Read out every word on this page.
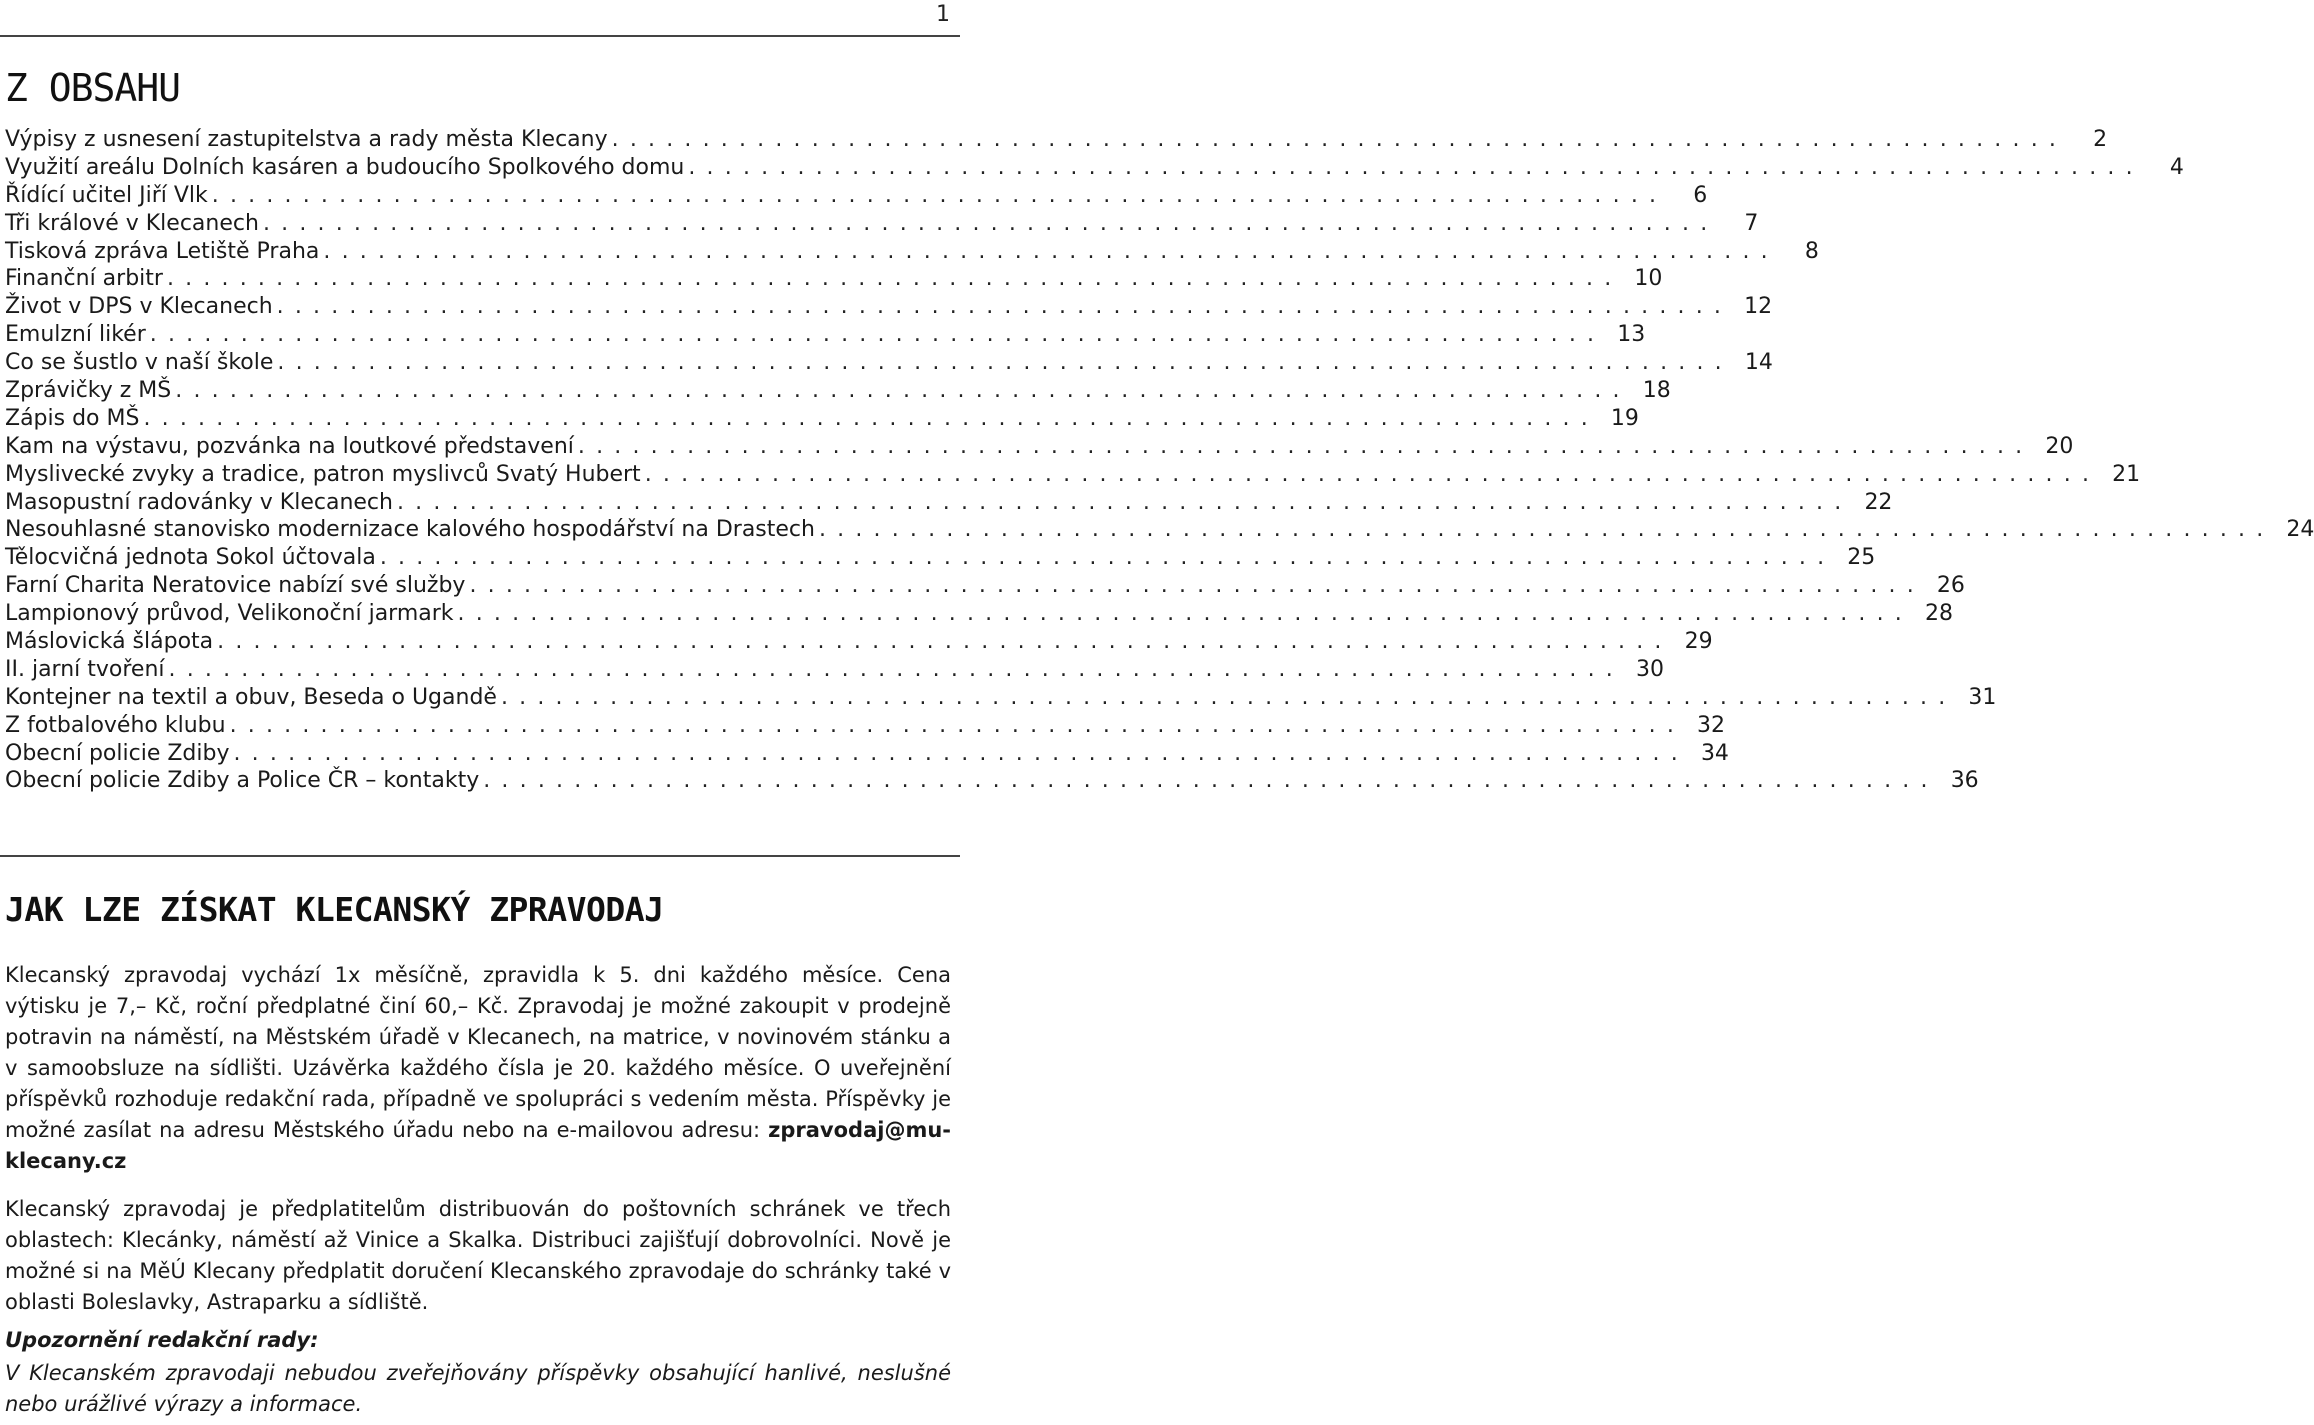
1
Z OBSAHU
Výpisy z usnesení zastupitelstva a rady města Klecany ................................................................................	2
Využití areálu Dolních kasáren a budoucího Spolkového domu ................................................................................	4
Řídící učitel Jiří Vlk ................................................................................	6
Tři králové v Klecanech ................................................................................	7
Tisková zpráva Letiště Praha ................................................................................	8
Finanční arbitr ................................................................................ 10
Život v DPS v Klecanech ................................................................................ 12
Emulzní likér ................................................................................ 13
Co se šustlo v naší škole ................................................................................ 14
Zprávičky z MŠ ................................................................................ 18
Zápis do MŠ ................................................................................ 19
Kam na výstavu, pozvánka na loutkové představení ................................................................................ 20
Myslivecké zvyky a tradice, patron myslivců Svatý Hubert ................................................................................ 21
Masopustní radovánky v Klecanech ................................................................................ 22
Nesouhlasné stanovisko modernizace kalového hospodářství na Drastech ................................................................................ 24
Tělocvičná jednota Sokol účtovala ................................................................................ 25
Farní Charita Neratovice nabízí své služby ................................................................................ 26
Lampionový průvod, Velikonoční jarmark ................................................................................ 28
Máslovická šlápota ................................................................................ 29
II. jarní tvoření ................................................................................ 30
Kontejner na textil a obuv, Beseda o Ugandě ................................................................................ 31
Z fotbalového klubu ................................................................................ 32
Obecní policie Zdiby ................................................................................ 34
Obecní policie Zdiby a Police ČR – kontakty ................................................................................ 36
JAK LZE ZÍSKAT KLECANSKÝ ZPRAVODAJ

Klecanský zpravodaj vychází 1x měsíčně, zpravidla k 5. dni každého měsíce. Cena výtisku je 7,– Kč, roční předplatné činí 60,– Kč. Zpravodaj je možné zakoupit v prodejně potravin na náměstí, na Městském úřadě v Klecanech, na matrice, v novinovém stánku a v samoobsluze na sídlišti. Uzávěrka každého čísla je 20. každého měsíce. O uveřejnění příspěvků rozhoduje redakční rada, případně ve spolupráci s vedením města. Příspěvky je možné zasílat na adresu Městského úřadu nebo na e-mailovou adresu: zpravodaj@mu-klecany.cz

Klecanský zpravodaj je předplatitelům distribuován do poštovních schránek ve třech oblastech: Klecánky, náměstí až Vinice a Skalka. Distribuci zajišťují dobrovolníci. Nově je možné si na MěÚ Klecany předplatit doručení Klecanského zpravodaje do schránky také v oblasti Boleslavky, Astraparku a sídliště.

Upozornění redakční rady:

V Klecanském zpravodaji nebudou zveřejňovány příspěvky obsahující hanlivé, neslušné nebo urážlivé výrazy a informace.
